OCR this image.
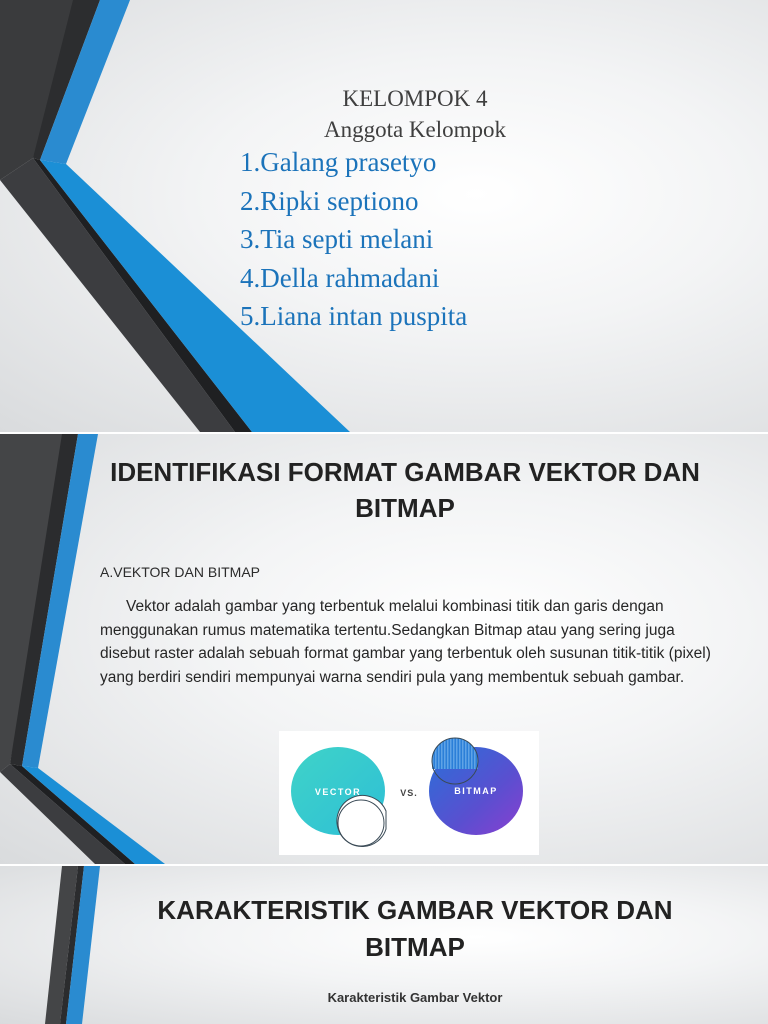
KELOMPOK 4

Anggota Kelompok

1.Galang prasetyo
2.Ripki septiono
3.Tia septi melani
4.Della rahmadani
5.Liana intan puspita

IDENTIFIKASI FORMAT GAMBAR VEKTOR DAN BITMAP

A.VEKTOR DAN BITMAP

Vektor adalah gambar yang terbentuk melalui kombinasi titik dan garis dengan menggunakan rumus matematika tertentu.Sedangkan Bitmap atau yang sering juga disebut raster adalah sebuah format gambar yang terbentuk oleh susunan titik-titik (pixel) yang berdiri sendiri mempunyai warna sendiri pula yang membentuk sebuah gambar.

VECTOR	VS.	BITMAP

KARAKTERISTIK GAMBAR VEKTOR DAN BITMAP

Karakteristik Gambar Vektor
